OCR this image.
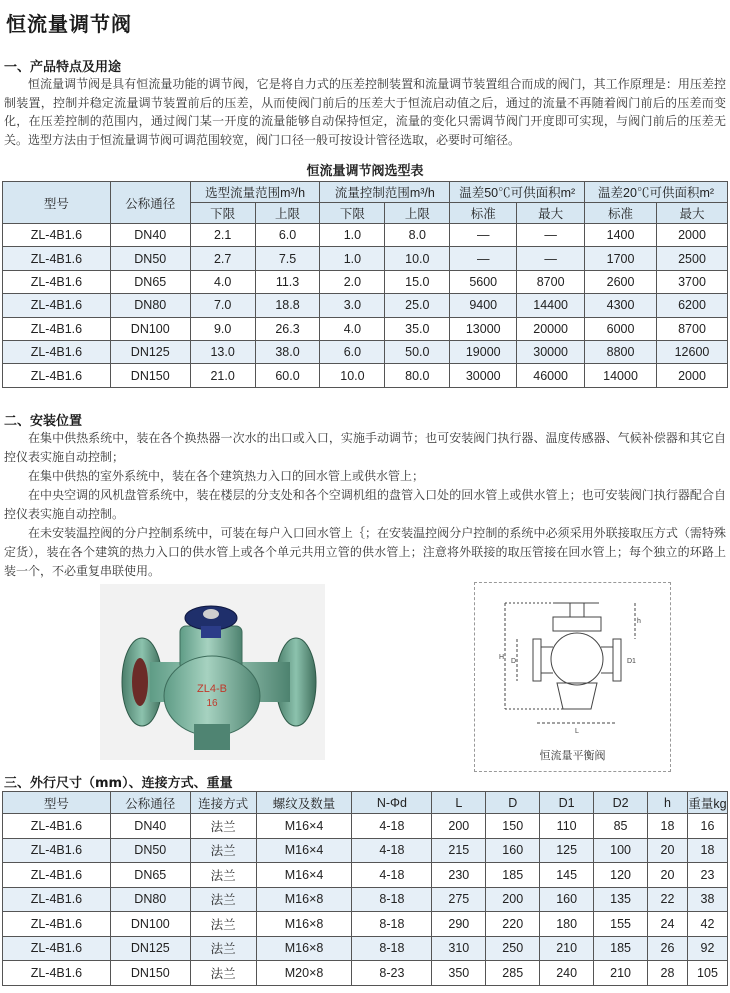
恒流量调节阀
一、产品特点及用途
恒流量调节阀是具有恒流量功能的调节阀，它是将自力式的压差控制装置和流量调节装置组合而成的阀门，其工作原理是：用压差控制装置，控制并稳定流量调节装置前后的压差，从而使阀门前后的压差大于恒流启动值之后，通过的流量不再随着阀门前后的压差而变化，在压差控制的范围内，通过阀门某一开度的流量能够自动保持恒定，流量的变化只需调节阀门开度即可实现，与阀门前后的压差无关。选型方法由于恒流量调节阀可调范围较宽，阀门口径一般可按设计管径选取，必要时可缩径。
恒流量调节阀选型表
型号	公称通径	选型流量范围m³/h		流量控制范围m³/h		温差50℃可供面积m²		温差20℃可供面积m²	
		下限	上限	下限	上限	标准	最大	标准	最大
ZL-4B1.6	DN40	2.1	6.0	1.0	8.0	—	—	1400	2000
ZL-4B1.6	DN50	2.7	7.5	1.0	10.0	—	—	1700	2500
ZL-4B1.6	DN65	4.0	11.3	2.0	15.0	5600	8700	2600	3700
ZL-4B1.6	DN80	7.0	18.8	3.0	25.0	9400	14400	4300	6200
ZL-4B1.6	DN100	9.0	26.3	4.0	35.0	13000	20000	6000	8700
ZL-4B1.6	DN125	13.0	38.0	6.0	50.0	19000	30000	8800	12600
ZL-4B1.6	DN150	21.0	60.0	10.0	80.0	30000	46000	14000	2000
二、安装位置

在集中供热系统中，装在各个换热器一次水的出口或入口，实施手动调节；也可安装阀门执行器、温度传感器、气候补偿器和其它自控仪表实施自动控制；

在集中供热的室外系统中，装在各个建筑热力入口的回水管上或供水管上；

在中央空调的风机盘管系统中，装在楼层的分支处和各个空调机组的盘管入口处的回水管上或供水管上；也可安装阀门执行器配合自控仪表实施自动控制。

在未安装温控阀的分户控制系统中，可装在每户入口回水管上｛；在安装温控阀分户控制的系统中必须采用外联接取压方式（需特殊定货），装在各个建筑的热力入口的供水管上或各个单元共用立管的供水管上；注意将外联接的取压管接在回水管上；每个独立的环路上装一个，不必重复串联使用。

ZL4-B
16
H
D	D1
h
L
恒流量平衡阀
三、外行尺寸（mm）、连接方式、重量
型号	公称通径	连接方式	螺纹及数量	N-Φd	L	D	D1	D2	h	重量kg
ZL-4B1.6	DN40	法兰	M16×4	4-18	200	150	110	85	18	16
ZL-4B1.6	DN50	法兰	M16×4	4-18	215	160	125	100	20	18
ZL-4B1.6	DN65	法兰	M16×4	4-18	230	185	145	120	20	23
ZL-4B1.6	DN80	法兰	M16×8	8-18	275	200	160	135	22	38
ZL-4B1.6	DN100	法兰	M16×8	8-18	290	220	180	155	24	42
ZL-4B1.6	DN125	法兰	M16×8	8-18	310	250	210	185	26	92
ZL-4B1.6	DN150	法兰	M20×8	8-23	350	285	240	210	28	105
